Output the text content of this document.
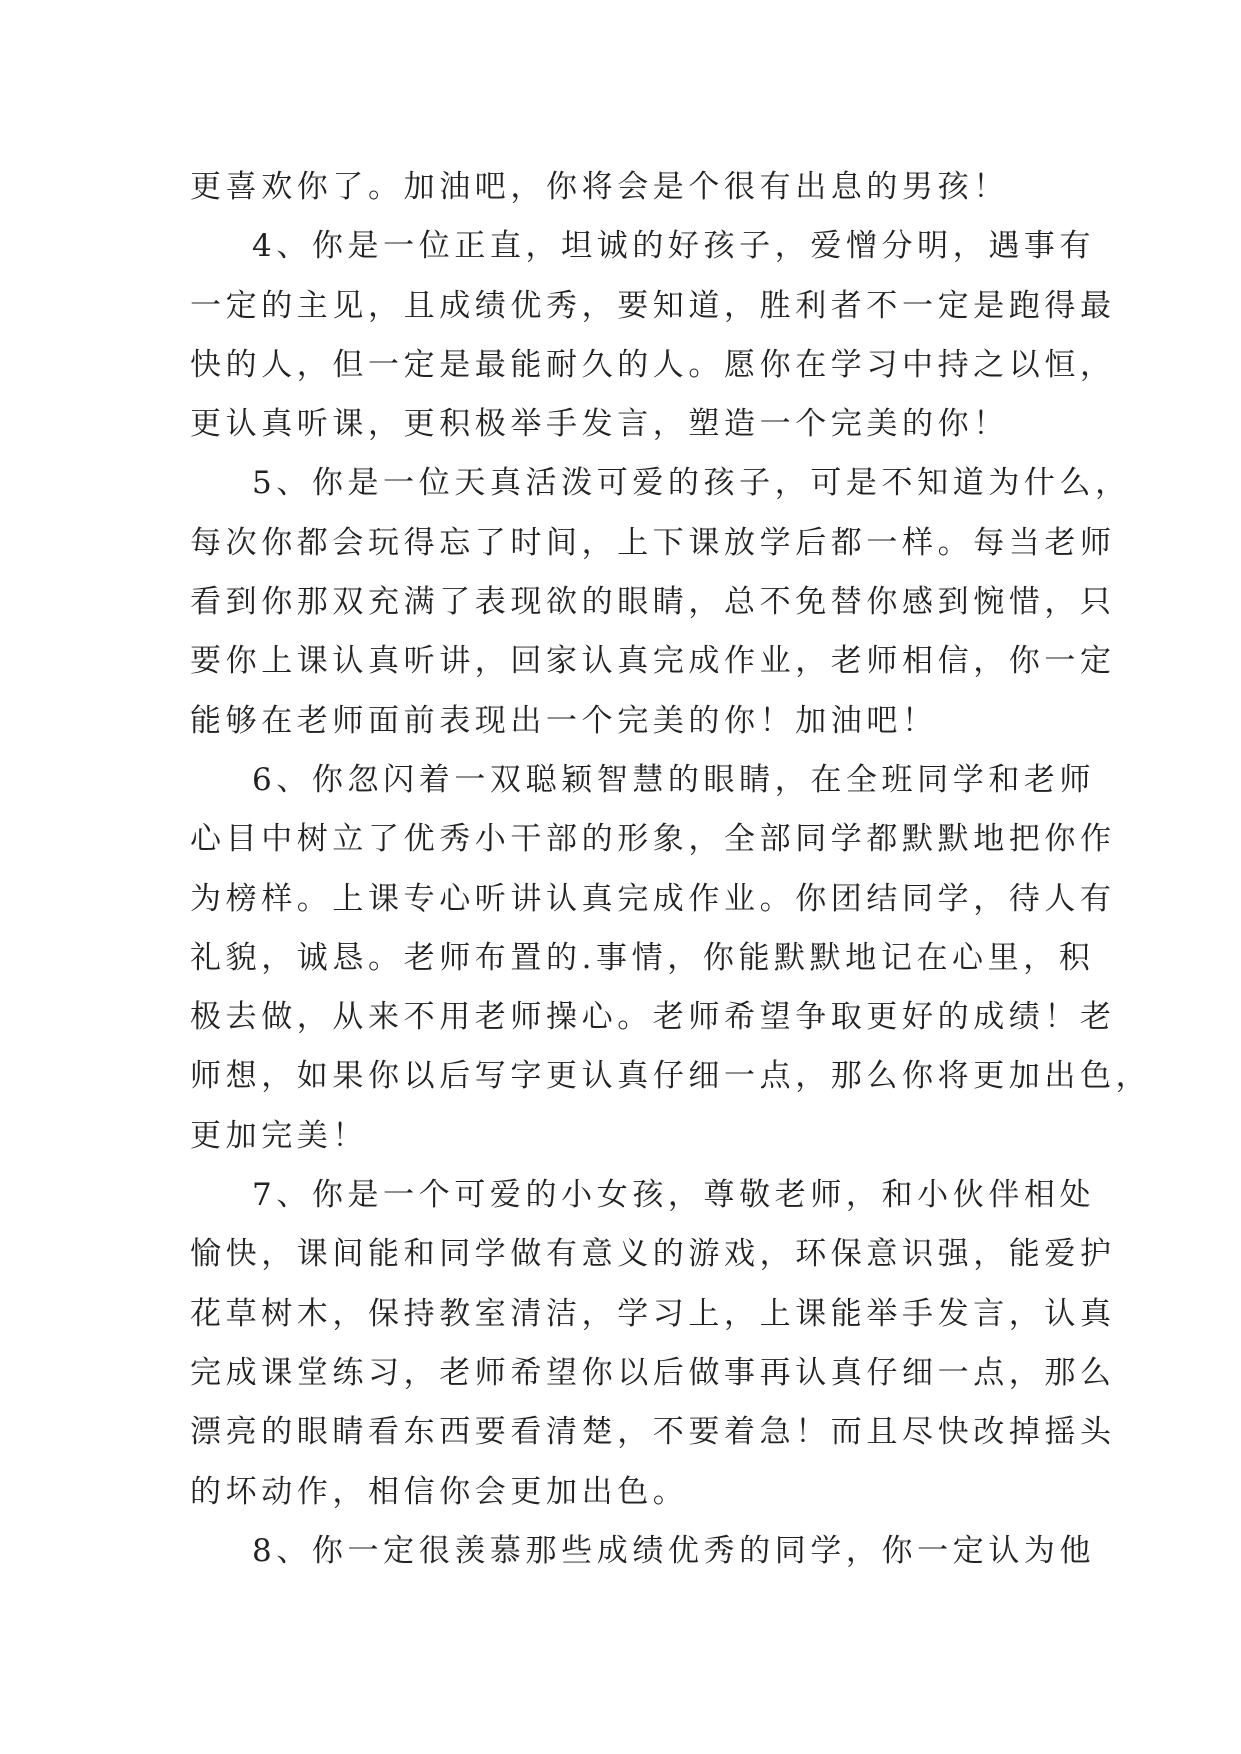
更喜欢你了。加油吧，你将会是个很有出息的男孩！
4、你是一位正直，坦诚的好孩子，爱憎分明，遇事有
一定的主见，且成绩优秀，要知道，胜利者不一定是跑得最
快的人，但一定是最能耐久的人。愿你在学习中持之以恒，
更认真听课，更积极举手发言，塑造一个完美的你！
5、你是一位天真活泼可爱的孩子，可是不知道为什么，
每次你都会玩得忘了时间，上下课放学后都一样。每当老师
看到你那双充满了表现欲的眼睛，总不免替你感到惋惜，只
要你上课认真听讲，回家认真完成作业，老师相信，你一定
能够在老师面前表现出一个完美的你！加油吧！
6、你忽闪着一双聪颖智慧的眼睛，在全班同学和老师
心目中树立了优秀小干部的形象，全部同学都默默地把你作
为榜样。上课专心听讲认真完成作业。你团结同学，待人有
礼貌，诚恳。老师布置的.事情，你能默默地记在心里，积
极去做，从来不用老师操心。老师希望争取更好的成绩！老
师想，如果你以后写字更认真仔细一点，那么你将更加出色，
更加完美！
7、你是一个可爱的小女孩，尊敬老师，和小伙伴相处
愉快，课间能和同学做有意义的游戏，环保意识强，能爱护
花草树木，保持教室清洁，学习上，上课能举手发言，认真
完成课堂练习，老师希望你以后做事再认真仔细一点，那么
漂亮的眼睛看东西要看清楚，不要着急！而且尽快改掉摇头
的坏动作，相信你会更加出色。
8、你一定很羡慕那些成绩优秀的同学，你一定认为他
